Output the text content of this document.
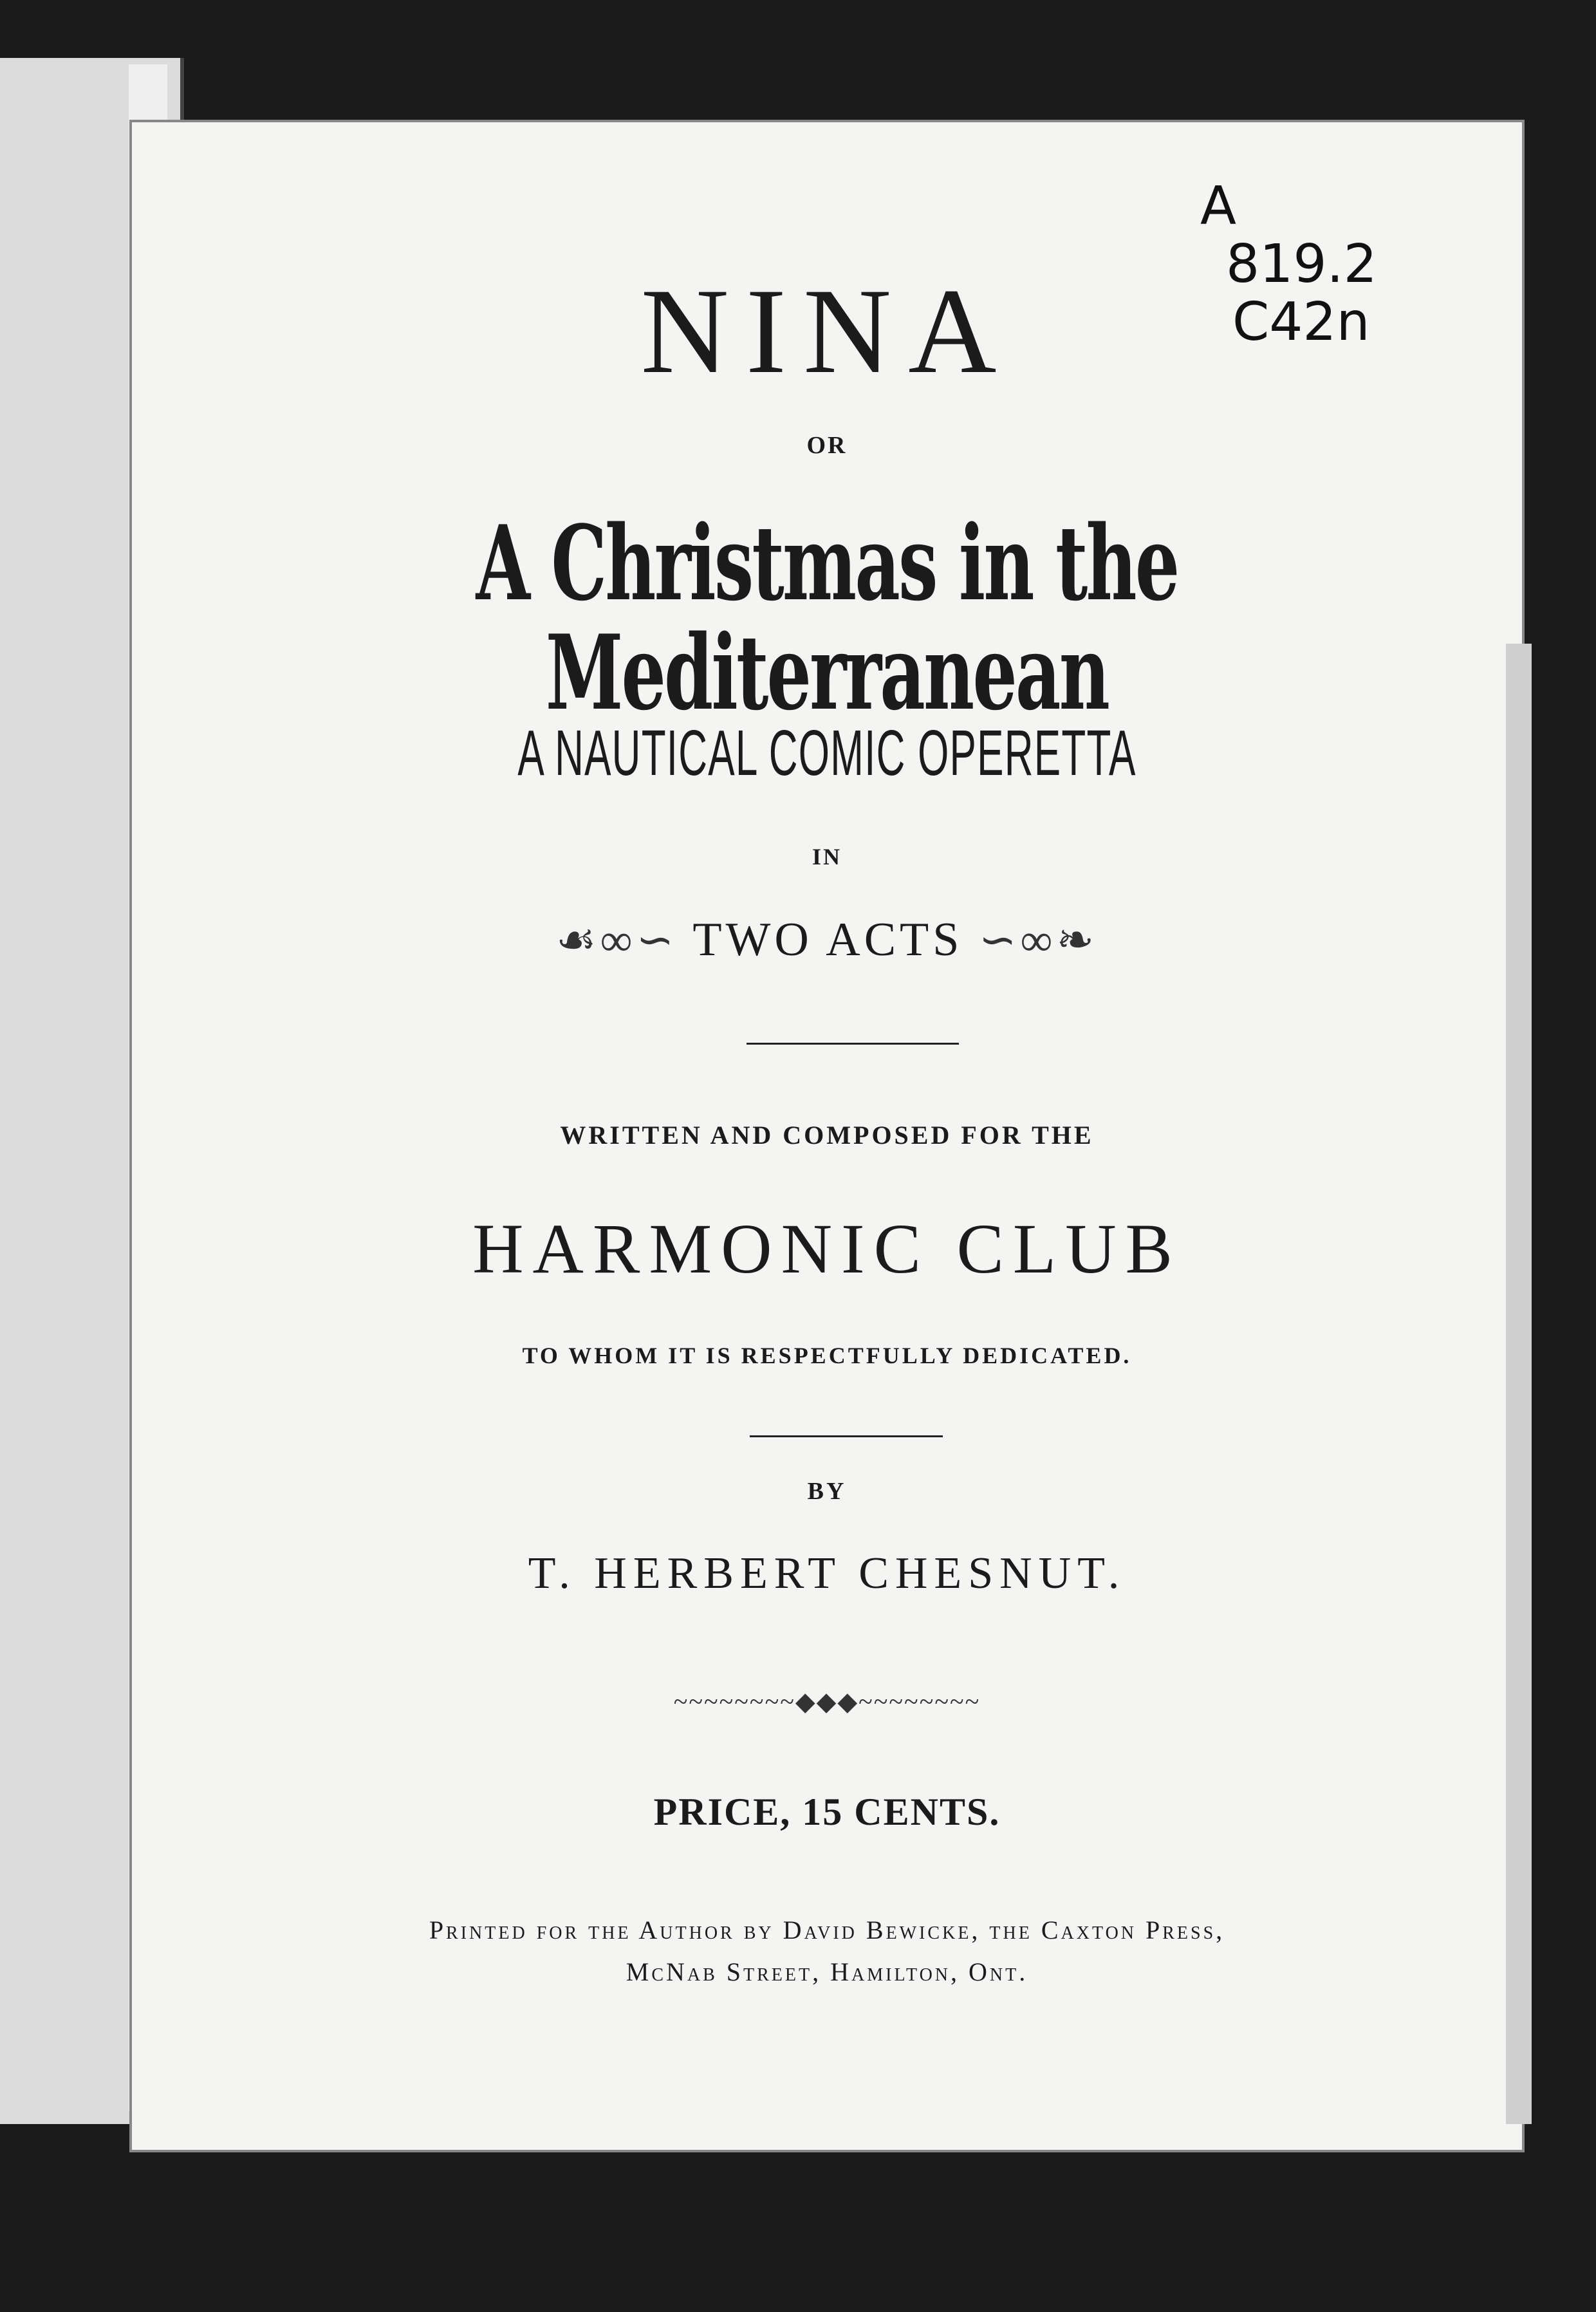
A
819.2
C42n
NINA
OR
A Christmas in the Mediterranean
A NAUTICAL COMIC OPERETTA
IN
☙∞∽ TWO ACTS ∽∞❧
WRITTEN AND COMPOSED FOR THE
HARMONIC CLUB
TO WHOM IT IS RESPECTFULLY DEDICATED.
BY
T. HERBERT CHESNUT.
~~~~~~~~◆◆◆~~~~~~~~
PRICE, 15 CENTS.
Printed for the Author by David Bewicke, the Caxton Press,
McNab Street, Hamilton, Ont.
